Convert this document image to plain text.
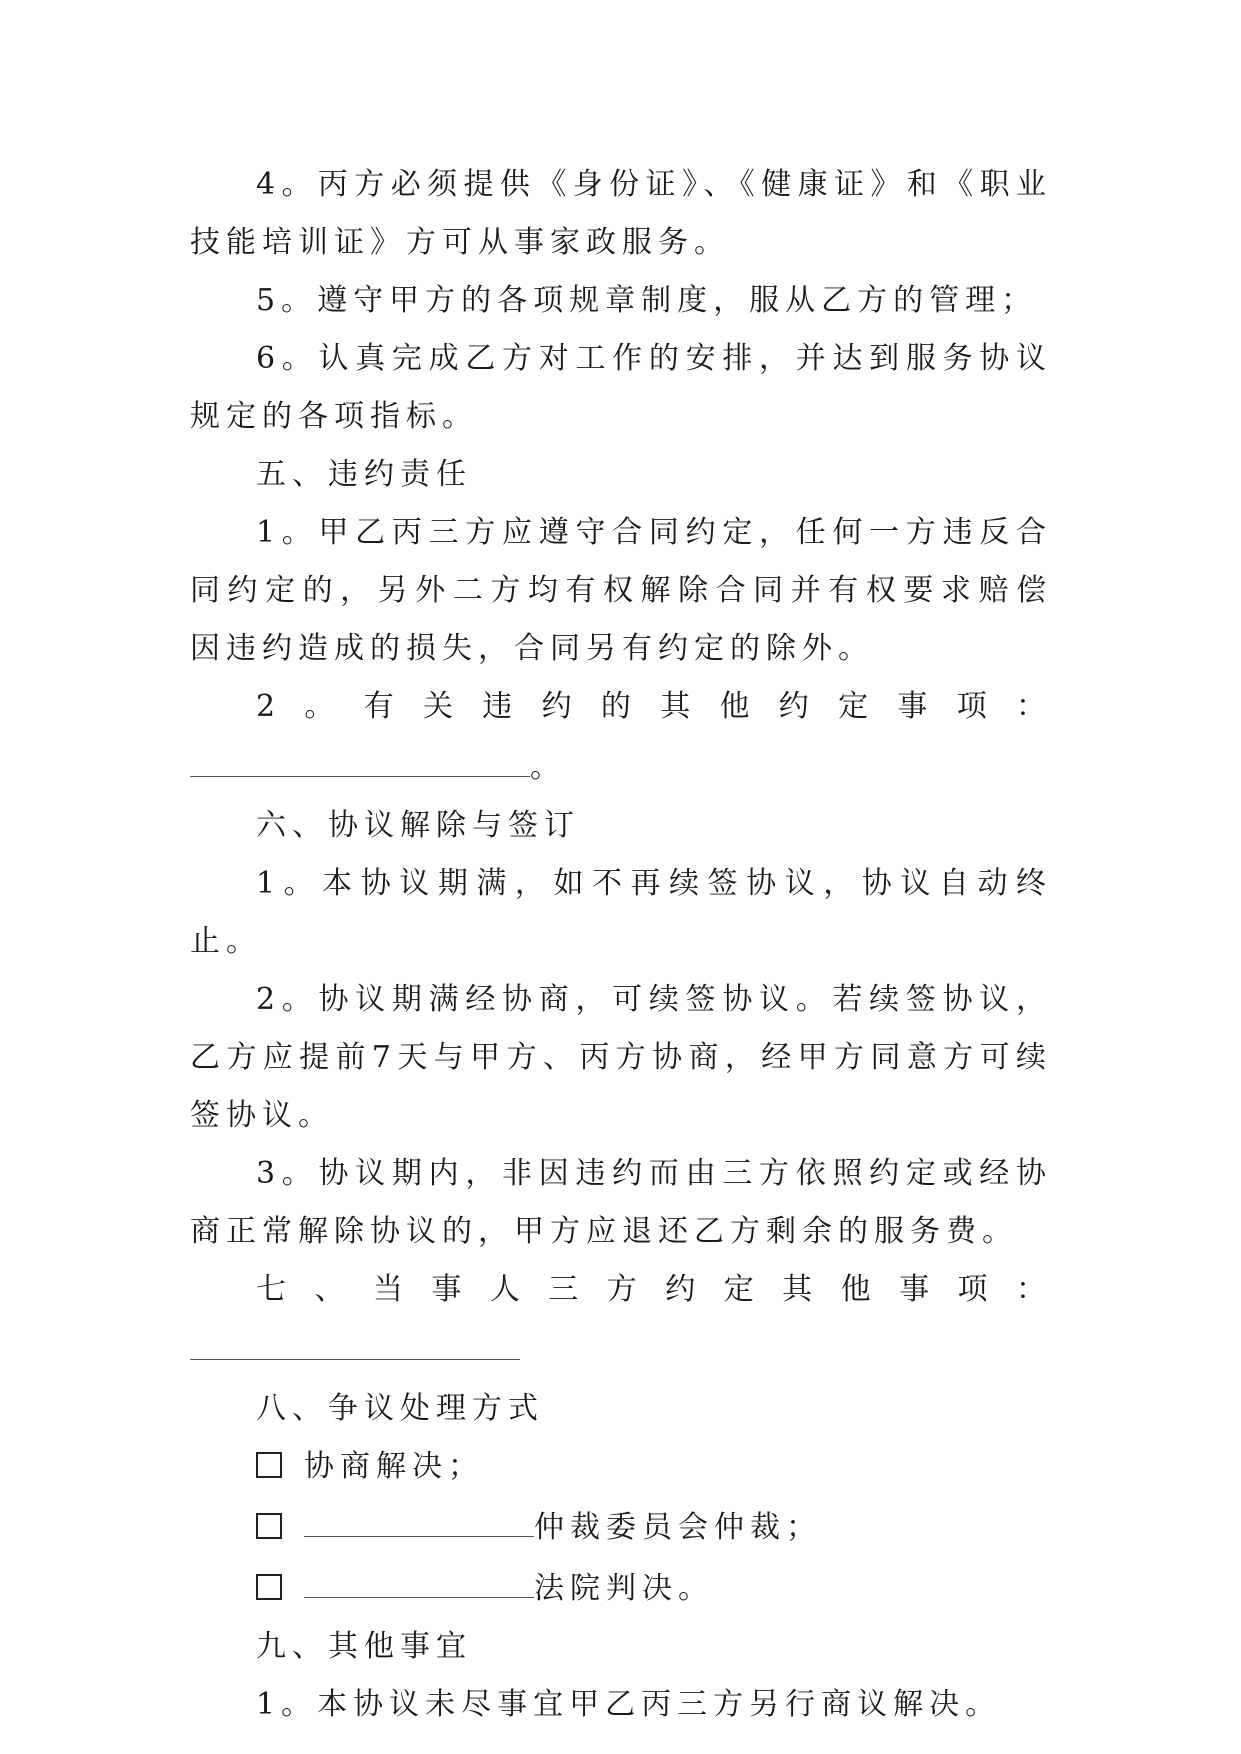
4。丙方必须提供《身份证》、《健康证》和《职业技能培训证》方可从事家政服务。

5。遵守甲方的各项规章制度，服从乙方的管理；

6。认真完成乙方对工作的安排，并达到服务协议规定的各项指标。

五、违约责任

1。甲乙丙三方应遵守合同约定，任何一方违反合同约定的，另外二方均有权解除合同并有权要求赔偿因违约造成的损失，合同另有约定的除外。

2。有关违约的其他约定事项：

。

六、协议解除与签订

1。本协议期满，如不再续签协议，协议自动终止。

2。协议期满经协商，可续签协议。若续签协议，乙方应提前7天与甲方、丙方协商，经甲方同意方可续签协议。

3。协议期内，非因违约而由三方依照约定或经协商正常解除协议的，甲方应退还乙方剩余的服务费。

七、当事人三方约定其他事项：

八、争议处理方式

协商解决；

仲裁委员会仲裁；

法院判决。

九、其他事宜

1。本协议未尽事宜甲乙丙三方另行商议解决。
